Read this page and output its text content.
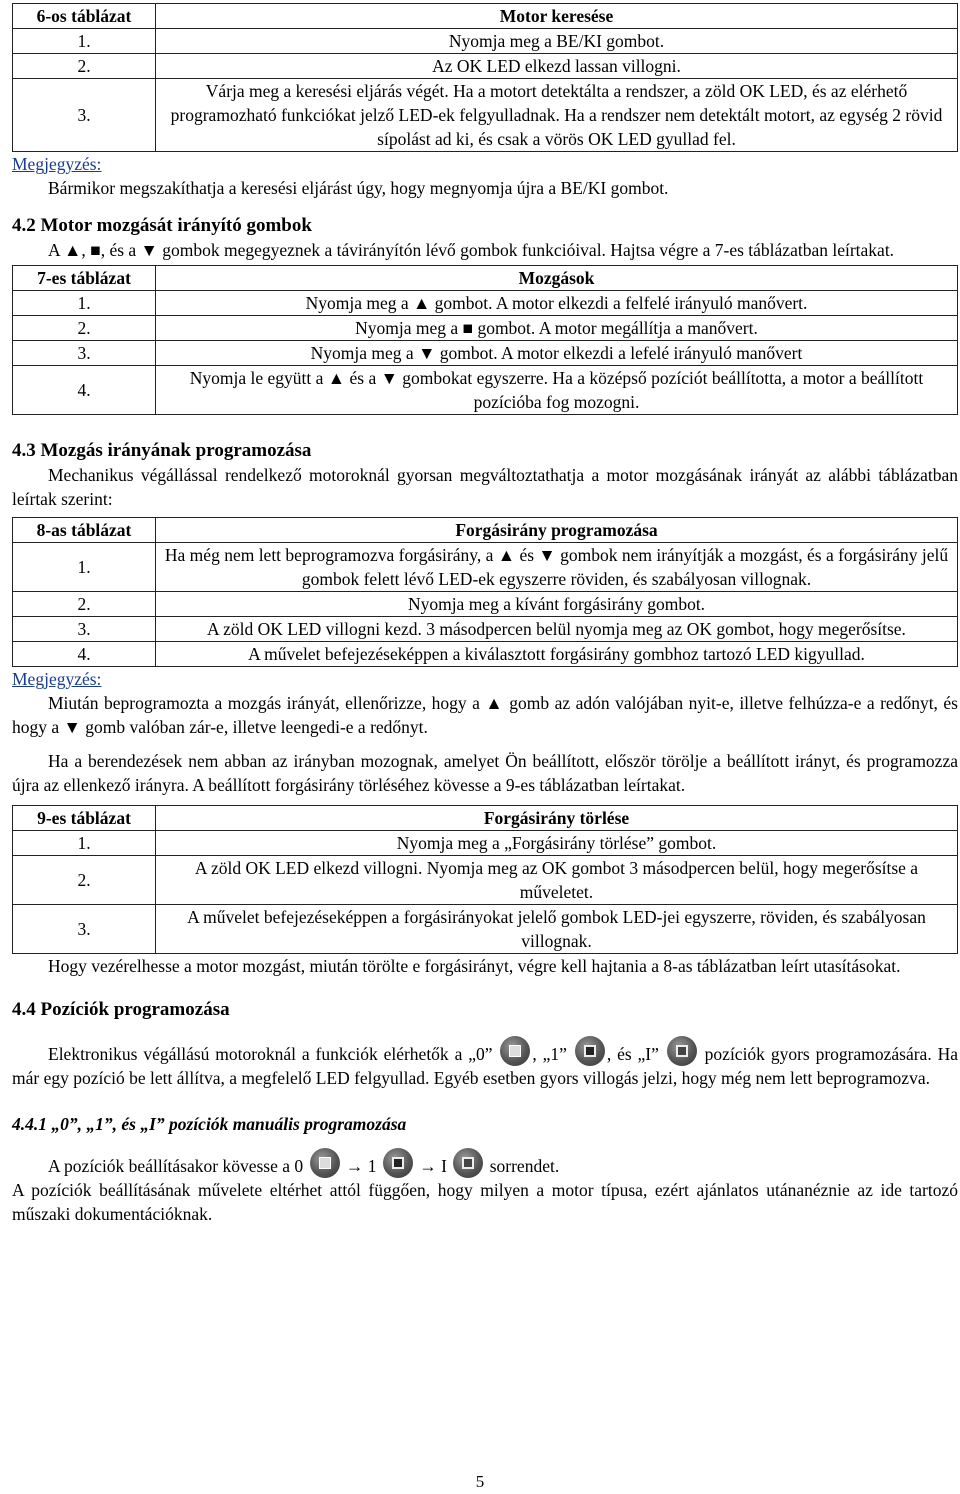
6-os táblázat	Motor keresése
1.	Nyomja meg a BE/KI gombot.
2.	Az OK LED elkezd lassan villogni.
3.	Várja meg a keresési eljárás végét. Ha a motort detektálta a rendszer, a zöld OK LED, és az elérhető programozható funkciókat jelző LED-ek felgyulladnak. Ha a rendszer nem detektált motort, az egység 2 rövid sípolást ad ki, és csak a vörös OK LED gyullad fel.
Megjegyzés:
Bármikor megszakíthatja a keresési eljárást úgy, hogy megnyomja újra a BE/KI gombot.
4.2 Motor mozgását irányító gombok
A ▲, ■, és a ▼ gombok megegyeznek a távirányítón lévő gombok funkcióival. Hajtsa végre a 7-es táblázatban leírtakat.
7-es táblázat	Mozgások
1.	Nyomja meg a ▲ gombot. A motor elkezdi a felfelé irányuló manővert.
2.	Nyomja meg a ■ gombot. A motor megállítja a manővert.
3.	Nyomja meg a ▼ gombot. A motor elkezdi a lefelé irányuló manővert
4.	Nyomja le együtt a ▲ és a ▼ gombokat egyszerre. Ha a középső pozíciót beállította, a motor a beállított pozícióba fog mozogni.
4.3 Mozgás irányának programozása
Mechanikus végállással rendelkező motoroknál gyorsan megváltoztathatja a motor mozgásának irányát az alábbi táblázatban leírtak szerint:
8-as táblázat	Forgásirány programozása
1.	Ha még nem lett beprogramozva forgásirány, a ▲ és ▼ gombok nem irányítják a mozgást, és a forgásirány jelű gombok felett lévő LED-ek egyszerre röviden, és szabályosan villognak.
2.	Nyomja meg a kívánt forgásirány gombot.
3.	A zöld OK LED villogni kezd. 3 másodpercen belül nyomja meg az OK gombot, hogy megerősítse.
4.	A művelet befejezéseképpen a kiválasztott forgásirány gombhoz tartozó LED kigyullad.
Megjegyzés:
Miután beprogramozta a mozgás irányát, ellenőrizze, hogy a ▲ gomb az adón valójában nyit-e, illetve felhúzza-e a redőnyt, és hogy a ▼ gomb valóban zár-e, illetve leengedi-e a redőnyt.
Ha a berendezések nem abban az irányban mozognak, amelyet Ön beállított, először törölje a beállított irányt, és programozza újra az ellenkező irányra. A beállított forgásirány törléséhez kövesse a 9-es táblázatban leírtakat.
9-es táblázat	Forgásirány törlése
1.	Nyomja meg a „Forgásirány törlése” gombot.
2.	A zöld OK LED elkezd villogni. Nyomja meg az OK gombot 3 másodpercen belül, hogy megerősítse a műveletet.
3.	A művelet befejezéseképpen a forgásirányokat jelelő gombok LED-jei egyszerre, röviden, és szabályosan villognak.
Hogy vezérelhesse a motor mozgást, miután törölte e forgásirányt, végre kell hajtania a 8-as táblázatban leírt utasításokat.
4.4 Pozíciók programozása
Elektronikus végállású motoroknál a funkciók elérhetők a „0” , „1” , és „I”
pozíciók gyors programozására. Ha már egy pozíció be lett állítva, a megfelelő LED felgyullad. Egyéb esetben gyors villogás jelzi, hogy még nem lett beprogramozva.
4.4.1 „0”, „1”, és „I” pozíciók manuális programozása
A pozíciók beállításakor kövesse a 0 → 1 → I
sorrendet.
A pozíciók beállításának művelete eltérhet attól függően, hogy milyen a motor típusa, ezért ajánlatos utánanéznie az ide tartozó műszaki dokumentációknak.
5
